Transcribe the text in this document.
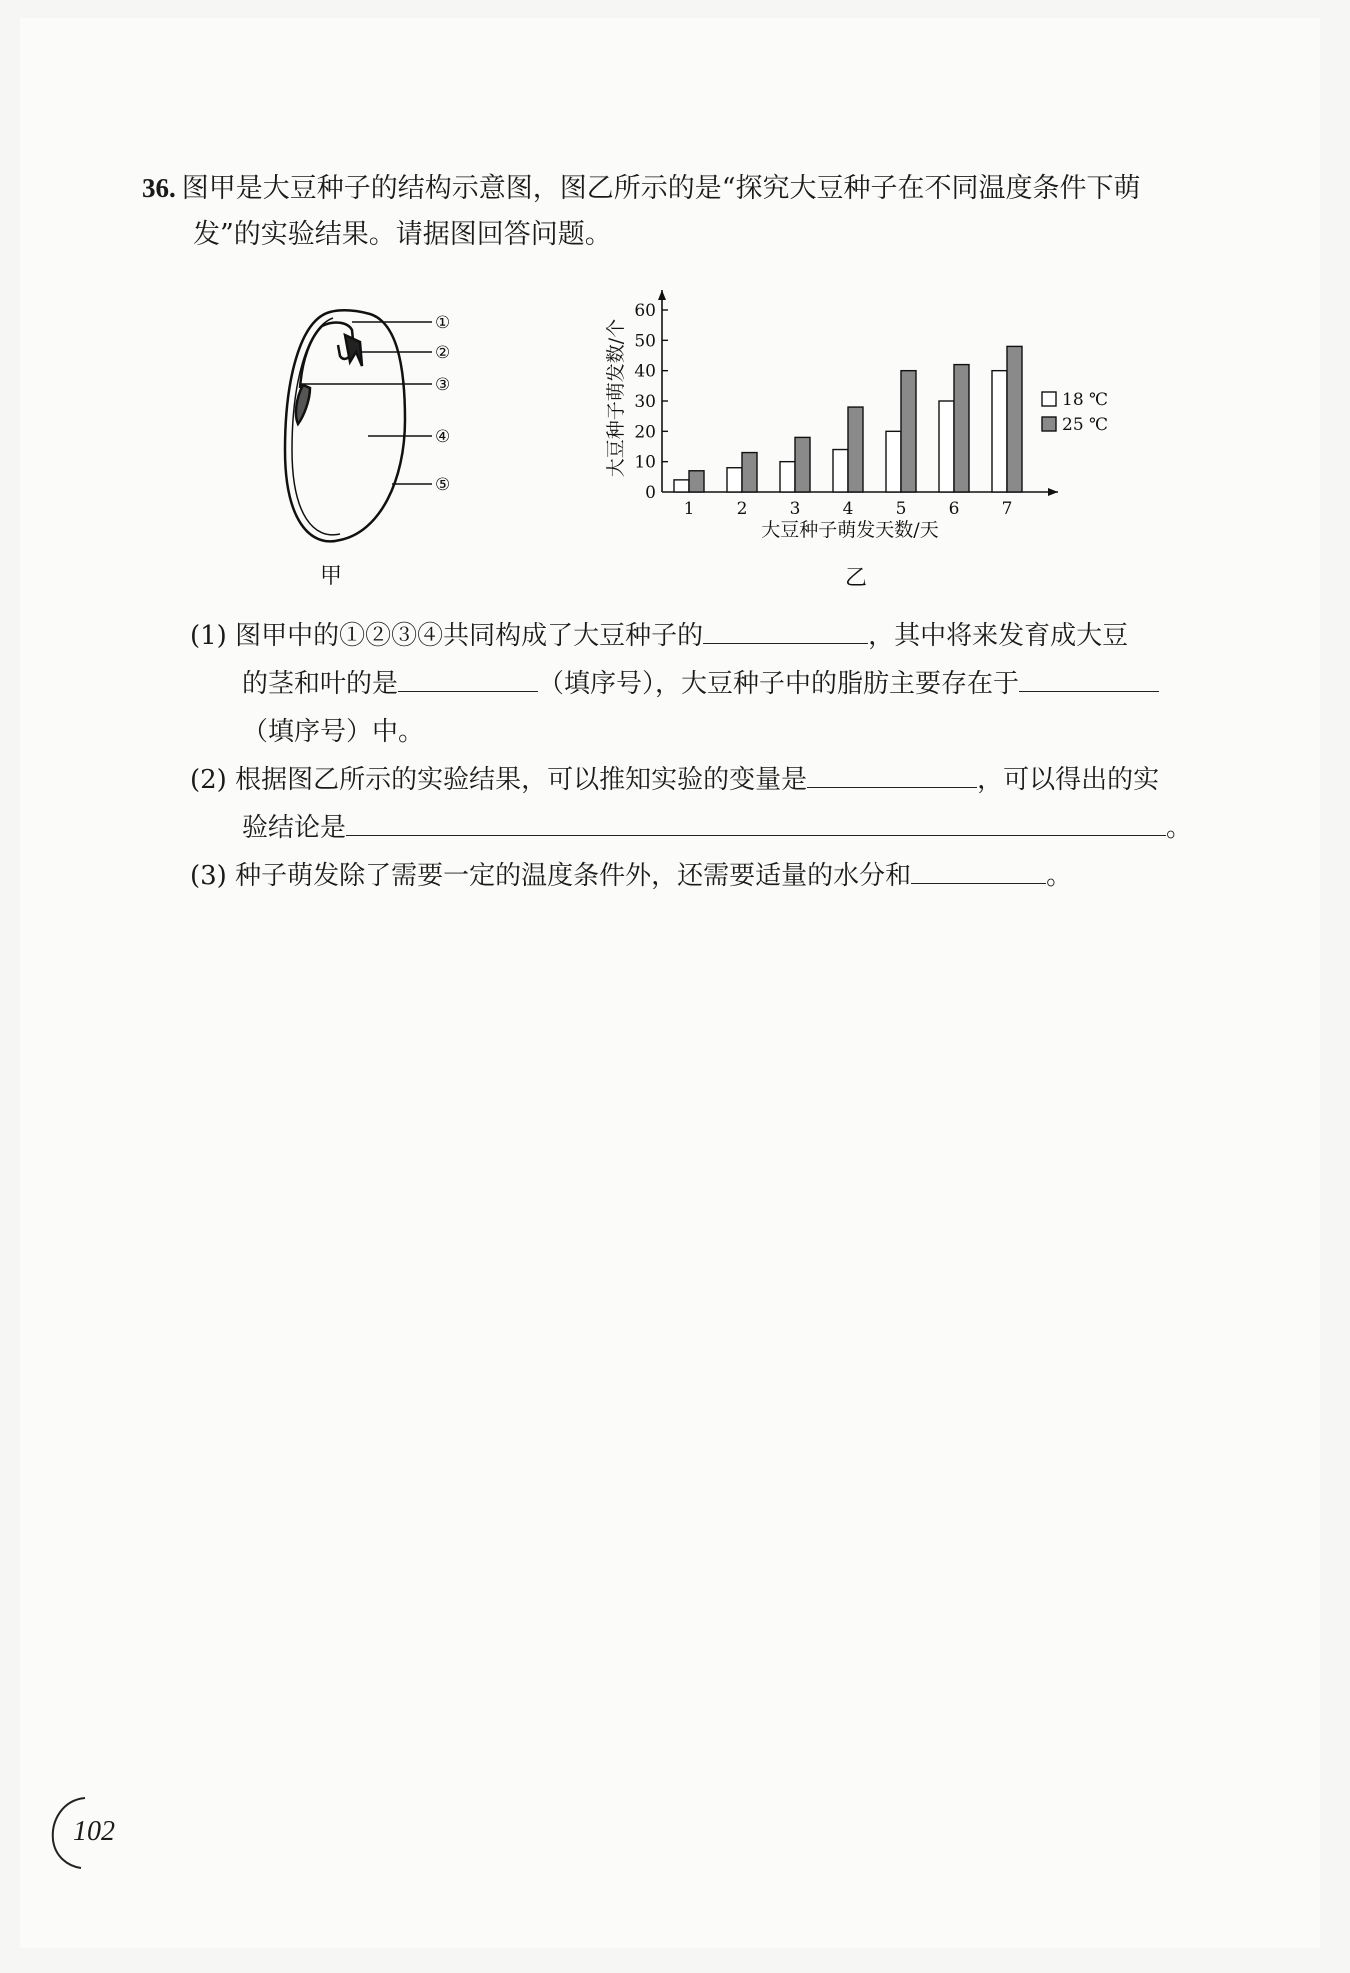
36. 图甲是大豆种子的结构示意图，图乙所示的是“探究大豆种子在不同温度条件下萌
发”的实验结果。请据图回答问题。
①
②
③
④
⑤
甲
0
10
20
30
40
50
60
1 2 3 4 5 6 7
大豆种子萌发天数/天
大豆种子萌发数/个	18 ℃
25 ℃
乙
(1) 图甲中的①②③④共同构成了大豆种子的	，其中将来发育成大豆
的茎和叶的是	（填序号），大豆种子中的脂肪主要存在于
（填序号）中。
(2) 根据图乙所示的实验结果，可以推知实验的变量是	，可以得出的实
验结论是	。
(3) 种子萌发除了需要一定的温度条件外，还需要适量的水分和	。
102
